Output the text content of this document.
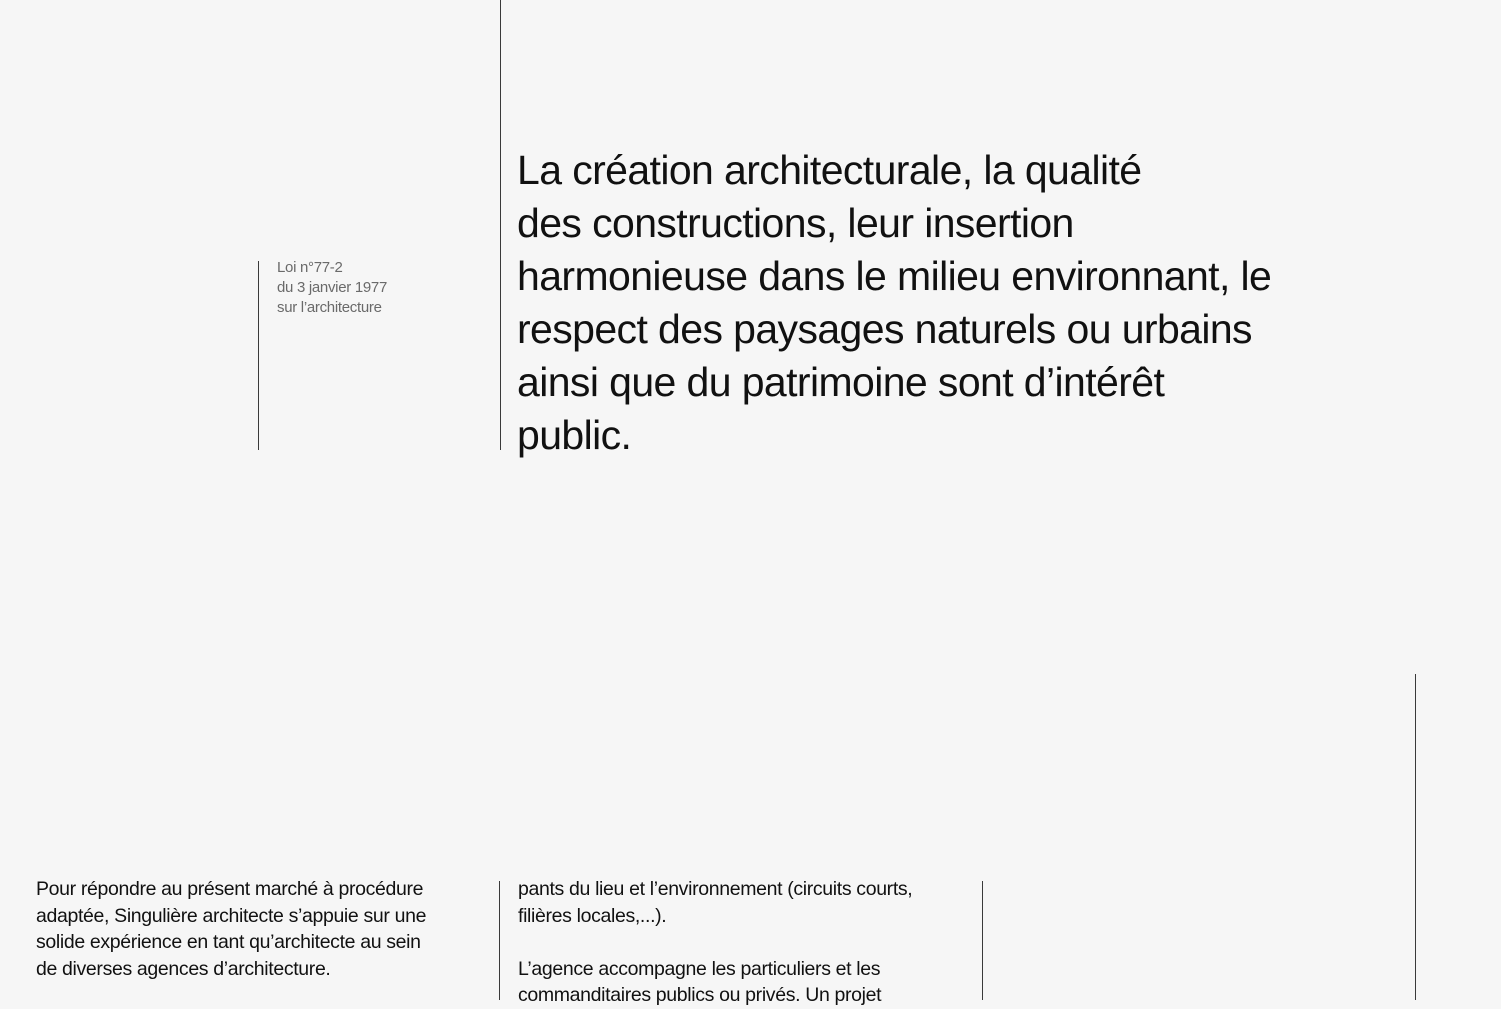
Loi n°77-2
du 3 janvier 1977
sur l’architecture
La création architecturale, la qualité
des constructions, leur insertion
harmonieuse dans le milieu environnant, le
respect des paysages naturels ou urbains
ainsi que du patrimoine sont d’intérêt
public.
Pour répondre au présent marché à procédure
adaptée, Singulière architecte s’appuie sur une
solide expérience en tant qu’architecte au sein
de diverses agences d’architecture.
pants du lieu et l’environnement (circuits courts,
filières locales,...).
L’agence accompagne les particuliers et les
commanditaires publics ou privés. Un projet
